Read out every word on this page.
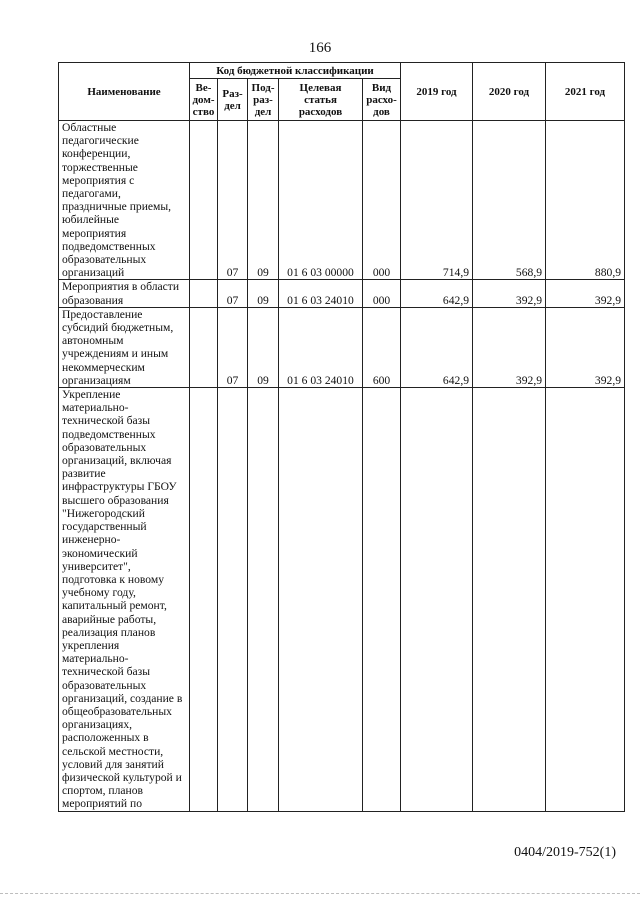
166
Наименование	Код бюджетной классификации					2019 год	2020 год	2021 год
	Ве-
дом-
ство	Раз-
дел	Под-
раз-
дел	Целевая
статья
расходов	Вид
расхо-
дов			
Областные педагогические конференции, торжественные мероприятия с педагогами, праздничные приемы, юбилейные мероприятия подведомственных образовательных организаций		07	09	01 6 03 00000	000	714,9	568,9	880,9
Мероприятия в области образования		07	09	01 6 03 24010	000	642,9	392,9	392,9
Предоставление субсидий бюджетным, автономным учреждениям и иным некоммерческим организациям		07	09	01 6 03 24010	600	642,9	392,9	392,9
Укрепление материально-технической базы подведомственных образовательных организаций, включая развитие инфраструктуры ГБОУ высшего образования "Нижегородский государственный инженерно-экономический университет", подготовка к новому учебному году, капитальный ремонт, аварийные работы, реализация планов укрепления материально-технической базы образовательных организаций, создание в общеобразовательных организациях, расположенных в сельской местности, условий для занятий физической культурой и спортом, планов мероприятий по								
0404/2019-752(1)
